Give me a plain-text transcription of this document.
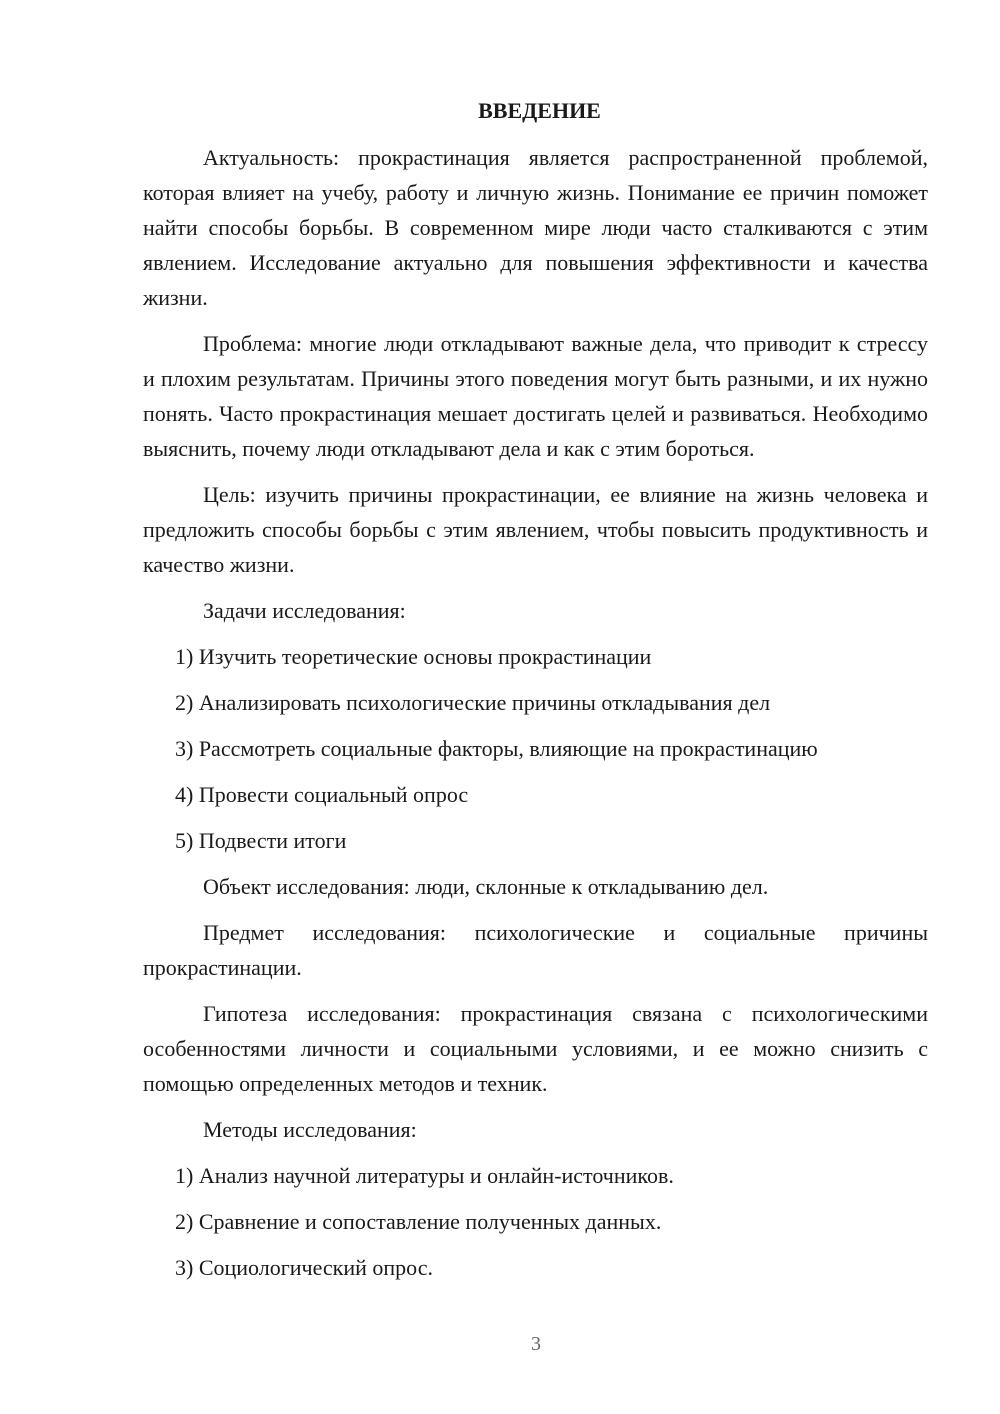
ВВЕДЕНИЕ

Актуальность: прокрастинация является распространенной проблемой, которая влияет на учебу, работу и личную жизнь. Понимание ее причин поможет найти способы борьбы. В современном мире люди часто сталкиваются с этим явлением. Исследование актуально для повышения эффективности и качества жизни.

Проблема: многие люди откладывают важные дела, что приводит к стрессу и плохим результатам. Причины этого поведения могут быть разными, и их нужно понять. Часто прокрастинация мешает достигать целей и развиваться. Необходимо выяснить, почему люди откладывают дела и как с этим бороться.

Цель: изучить причины прокрастинации, ее влияние на жизнь человека и предложить способы борьбы с этим явлением, чтобы повысить продуктивность и качество жизни.

Задачи исследования:

1) Изучить теоретические основы прокрастинации
2) Анализировать психологические причины откладывания дел
3) Рассмотреть социальные факторы, влияющие на прокрастинацию
4) Провести социальный опрос
5) Подвести итоги

Объект исследования: люди, склонные к откладыванию дел.

Предмет исследования: психологические и социальные причины прокрастинации.

Гипотеза исследования: прокрастинация связана с психологическими особенностями личности и социальными условиями, и ее можно снизить с помощью определенных методов и техник.

Методы исследования:

1) Анализ научной литературы и онлайн-источников.
2) Сравнение и сопоставление полученных данных.
3) Социологический опрос.
3
